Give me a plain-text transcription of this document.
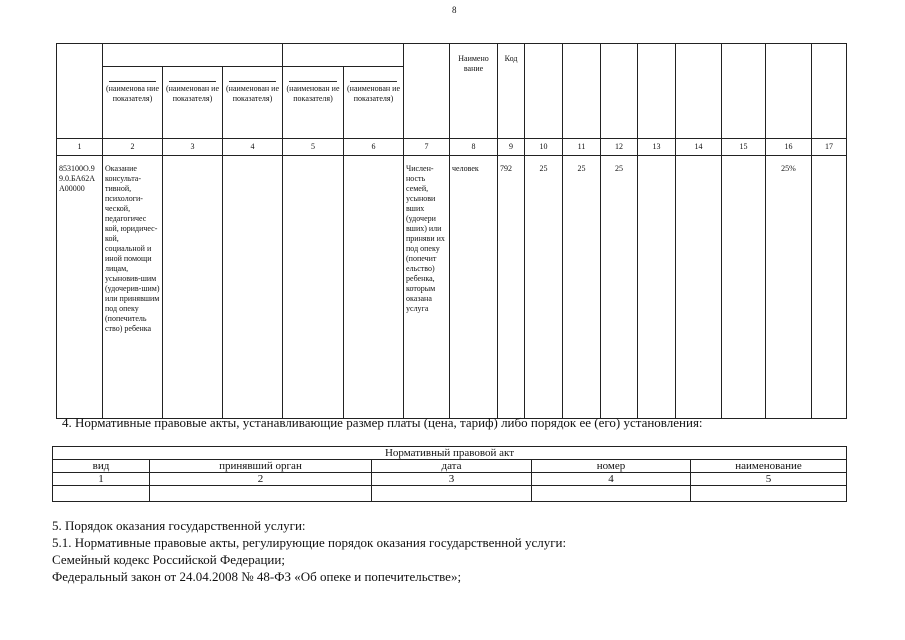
8
							Наимено вание	Код								

(наименова ние показателя)	(наименован ие показателя)	(наименован ие показателя)	(наименован ие показателя)	(наименован ие показателя)											
1	2	3	4	5	6	7	8	9	10	11	12	13	14	15	16	17
853100О.99.0.БА62АА00000	Оказание консульта-тивной, психологи-ческой, педагогичес кой, юридичес-кой, социальной и иной помощи лицам, усыновив-шим (удочерив-шим) или принявшим под опеку (попечитель ство) ребенка					Числен-ность семей, усынови вших (удочери вших) или приняви их под опеку (попечит ельство) ребенка, которым оказана услуга	человек	792	25	25	25				25%	
4. Нормативные правовые акты, устанавливающие размер платы (цена, тариф) либо порядок ее (его) установления:
Нормативный правовой акт				
вид	принявший орган	дата	номер	наименование
1	2	3	4	5

5. Порядок оказания государственной услуги:
5.1. Нормативные правовые акты, регулирующие порядок оказания государственной услуги:
Семейный кодекс Российской Федерации;
Федеральный закон от 24.04.2008 № 48-ФЗ «Об опеке и попечительстве»;
